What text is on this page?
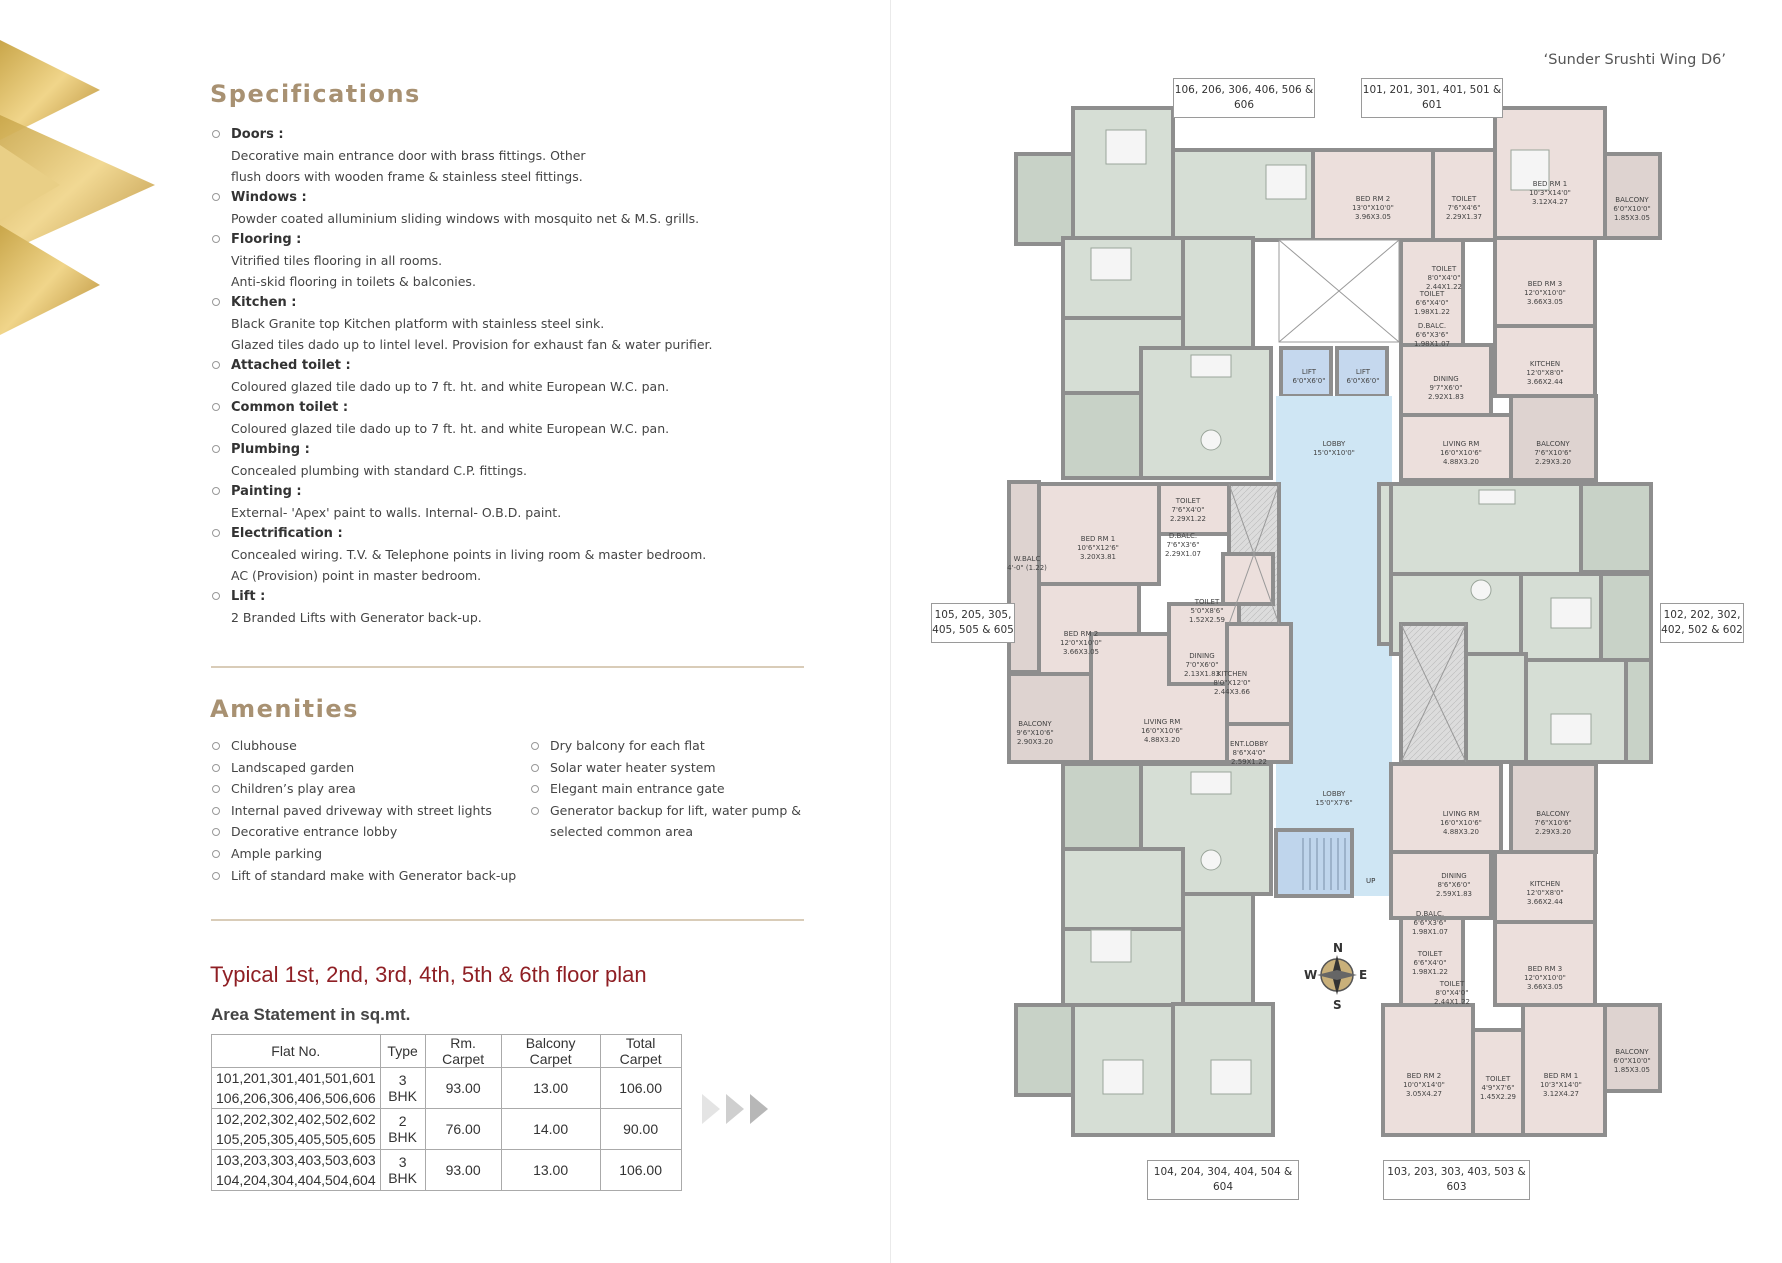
Specifications
Doors :
Decorative main entrance door with brass fittings. Other
flush doors with wooden frame & stainless steel fittings.
Windows :
Powder coated alluminium sliding windows with mosquito net & M.S. grills.
Flooring :
Vitrified tiles flooring in all rooms.
Anti-skid flooring in toilets & balconies.
Kitchen :
Black Granite top Kitchen platform with stainless steel sink.
Glazed tiles dado up to lintel level. Provision for exhaust fan & water purifier.
Attached toilet :
Coloured glazed tile dado up to 7 ft. ht. and white European W.C. pan.
Common toilet :
Coloured glazed tile dado up to 7 ft. ht. and white European W.C. pan.
Plumbing :
Concealed plumbing with standard C.P. fittings.
Painting :
External- 'Apex' paint to walls. Internal- O.B.D. paint.
Electrification :
Concealed wiring. T.V. & Telephone points in living room & master bedroom.
AC (Provision) point in master bedroom.
Lift :
2 Branded Lifts with Generator back-up.
Amenities
Clubhouse
Landscaped garden
Children’s play area
Internal paved driveway with street lights
Decorative entrance lobby
Ample parking
Lift of standard make with Generator back-up
Dry balcony for each flat
Solar water heater system
Elegant main entrance gate
Generator backup for lift, water pump &
selected common area
Typical 1st, 2nd, 3rd, 4th, 5th & 6th floor plan
Area Statement in sq.mt.
Flat No.	Type	Rm. Carpet	Balcony Carpet	Total Carpet

101,201,301,401,501,601
106,206,306,406,506,606	3 BHK	93.00	13.00	106.00

102,202,302,402,502,602
105,205,305,405,505,605	2 BHK	76.00	14.00	90.00

103,203,303,403,503,603
104,204,304,404,504,604	3 BHK	93.00	13.00	106.00

‘Sunder Srushti Wing D6’

N
S
W	E
UP
BED RM 2
13'0"X10'0"
3.96X3.05
TOILET
7'6"X4'6"
2.29X1.37
BED RM 1
10'3"X14'0"
3.12X4.27	BALCONY
6'0"X10'0"
1.85X3.05
TOILET
8'0"X4'0"
2.44X1.22
TOILET
6'6"X4'0"
1.98X1.22
BED RM 3
12'0"X10'0"
3.66X3.05
D.BALC.
6'6"X3'6"
1.98X1.07
KITCHEN
12'0"X8'0"
3.66X2.44
DINING
9'7"X6'0"
2.92X1.83
LIVING RM
16'0"X10'6"
4.88X3.20
BALCONY
7'6"X10'6"
2.29X3.20
LIFT
6'0"X6'0"
LIFT
6'0"X6'0"
LOBBY
15'0"X10'0"
TOILET
7'6"X4'0"
2.29X1.22
BED RM 1
10'6"X12'6"
3.20X3.81
D.BALC.
7'6"X3'6"
2.29X1.07
W.BALC
4'-0" (1.22)
TOILET
5'0"X8'6"
1.52X2.59
BED RM 2
12'0"X10'0"
3.66X3.05	DINING
7'0"X6'0"
2.13X1.83
KITCHEN
8'0"X12'0"
2.44X3.66
BALCONY
9'6"X10'6"
2.90X3.20
LIVING RM
16'0"X10'6"
4.88X3.20	ENT.LOBBY
8'6"X4'0"
2.59X1.22
LOBBY
15'0"X7'6"
LIVING RM
16'0"X10'6"
4.88X3.20
BALCONY
7'6"X10'6"
2.29X3.20
DINING
8'6"X6'0"
2.59X1.83
KITCHEN
12'0"X8'0"
3.66X2.44
D.BALC.
6'6"X3'6"
1.98X1.07
TOILET
6'6"X4'0"
1.98X1.22	BED RM 3
12'0"X10'0"
3.66X3.05
TOILET
8'0"X4'0"
2.44X1.22
BED RM 2
10'0"X14'0"
3.05X4.27
TOILET
4'9"X7'6"
1.45X2.29
BED RM 1
10'3"X14'0"
3.12X4.27
BALCONY
6'0"X10'0"
1.85X3.05
106, 206, 306, 406, 506 & 606
101, 201, 301, 401, 501 & 601
105, 205, 305,
405, 505 & 605
102, 202, 302,
402, 502 & 602
104, 204, 304, 404, 504 & 604
103, 203, 303, 403, 503 & 603
